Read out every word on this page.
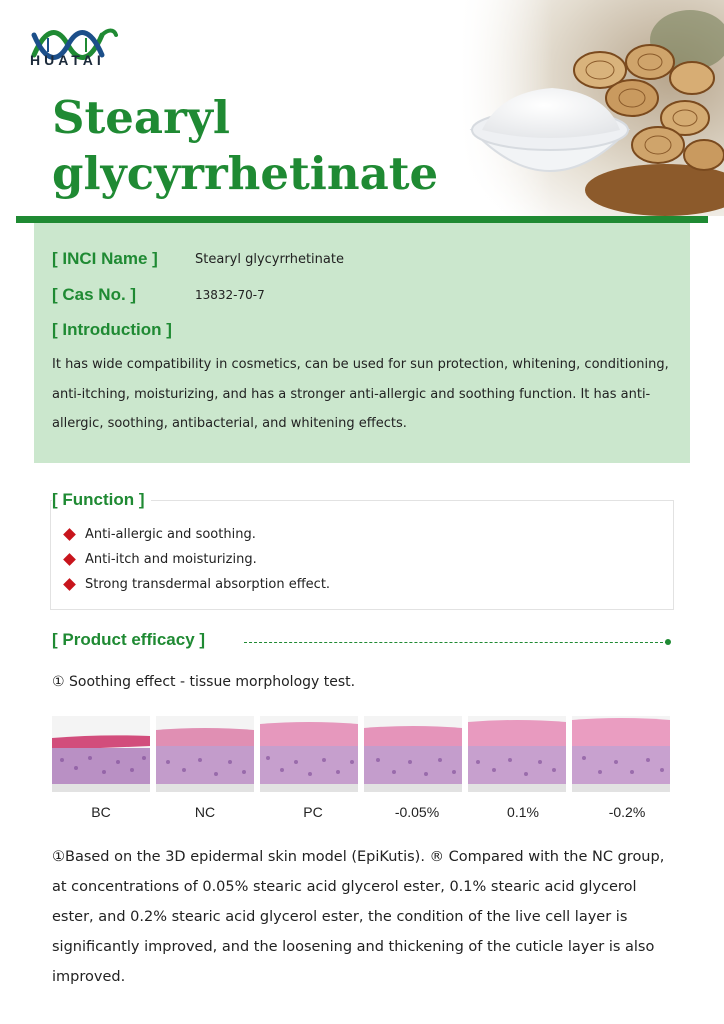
HUATAI
Stearyl
glycyrrhetinate
[ INCI Name ]	Stearyl glycyrrhetinate
[ Cas No. ]	13832-70-7
[ Introduction ]
It has wide compatibility in cosmetics, can be used for sun protection, whitening, conditioning, anti-itching, moisturizing, and has a stronger anti-allergic and soothing function. It has anti-allergic, soothing, antibacterial, and whitening effects.
[ Function ]
Anti-allergic and soothing.
Anti-itch and moisturizing.
Strong transdermal absorption effect.
[ Product efficacy ]
① Soothing effect - tissue morphology test.
BC	NC	PC	-0.05%	0.1%	-0.2%
①Based on the 3D epidermal skin model (EpiKutis). ® Compared with the NC group, at concentrations of 0.05% stearic acid glycerol ester, 0.1% stearic acid glycerol ester, and 0.2% stearic acid glycerol ester, the condition of the live cell layer is significantly improved, and the loosening and thickening of the cuticle layer is also improved.
